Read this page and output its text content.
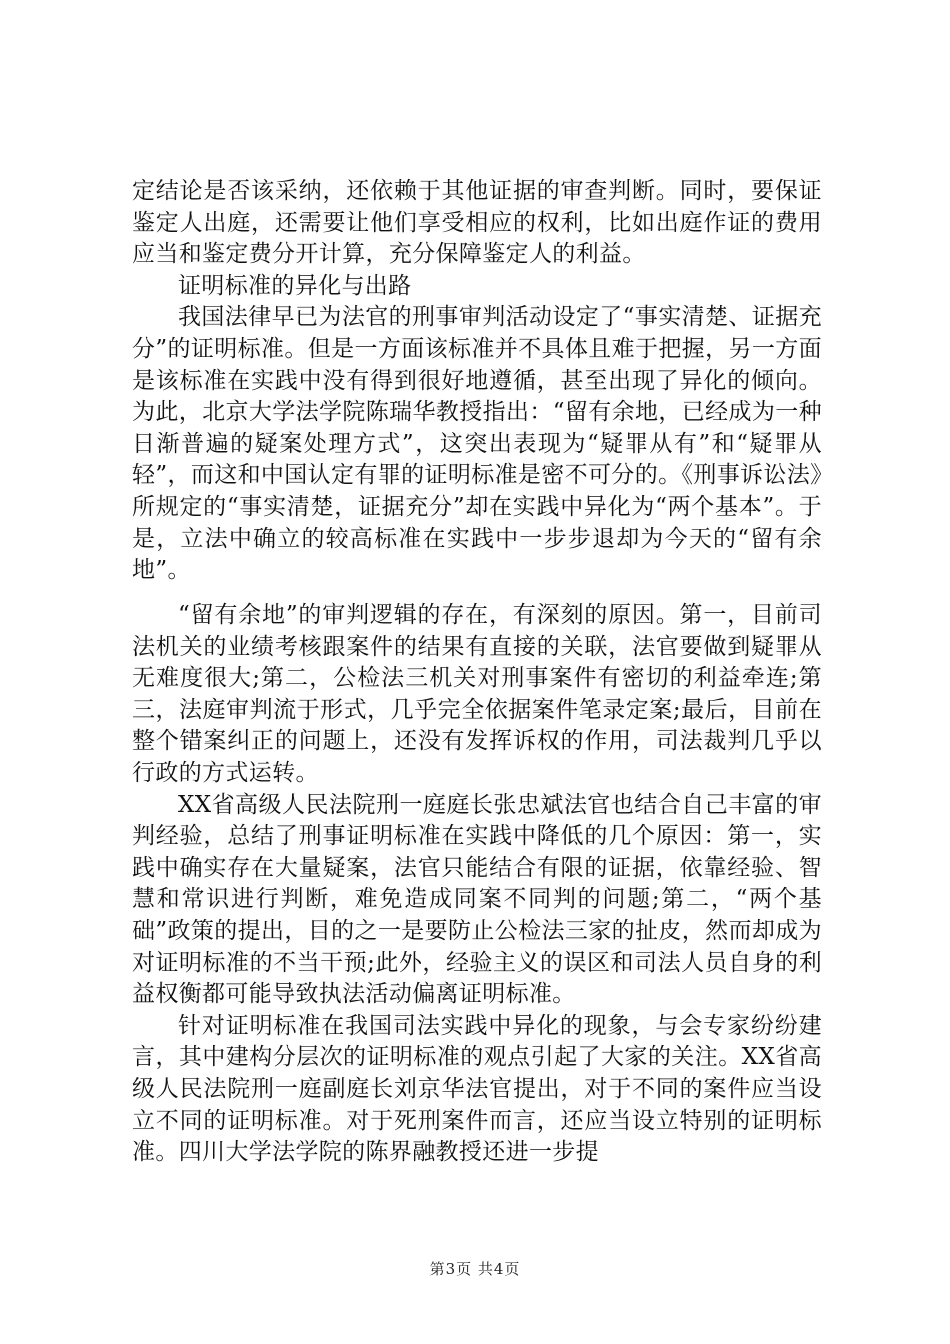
定结论是否该采纳，还依赖于其他证据的审查判断。同时，要保证鉴定人出庭，还需要让他们享受相应的权利，比如出庭作证的费用应当和鉴定费分开计算，充分保障鉴定人的利益。

证明标准的异化与出路

我国法律早已为法官的刑事审判活动设定了“事实清楚、证据充分”的证明标准。但是一方面该标准并不具体且难于把握，另一方面是该标准在实践中没有得到很好地遵循，甚至出现了异化的倾向。为此，北京大学法学院陈瑞华教授指出：“留有余地，已经成为一种日渐普遍的疑案处理方式”，这突出表现为“疑罪从有”和“疑罪从轻”，而这和中国认定有罪的证明标准是密不可分的。《刑事诉讼法》所规定的“事实清楚，证据充分”却在实践中异化为“两个基本”。于是，立法中确立的较高标准在实践中一步步退却为今天的“留有余地”。

“留有余地”的审判逻辑的存在，有深刻的原因。第一，目前司法机关的业绩考核跟案件的结果有直接的关联，法官要做到疑罪从无难度很大;第二，公检法三机关对刑事案件有密切的利益牵连;第三，法庭审判流于形式，几乎完全依据案件笔录定案;最后，目前在整个错案纠正的问题上，还没有发挥诉权的作用，司法裁判几乎以行政的方式运转。

XX省高级人民法院刑一庭庭长张忠斌法官也结合自己丰富的审判经验，总结了刑事证明标准在实践中降低的几个原因：第一，实践中确实存在大量疑案，法官只能结合有限的证据，依靠经验、智慧和常识进行判断，难免造成同案不同判的问题;第二，“两个基础”政策的提出，目的之一是要防止公检法三家的扯皮，然而却成为对证明标准的不当干预;此外，经验主义的误区和司法人员自身的利益权衡都可能导致执法活动偏离证明标准。

针对证明标准在我国司法实践中异化的现象，与会专家纷纷建言，其中建构分层次的证明标准的观点引起了大家的关注。XX省高级人民法院刑一庭副庭长刘京华法官提出，对于不同的案件应当设立不同的证明标准。对于死刑案件而言，还应当设立特别的证明标准。四川大学法学院的陈界融教授还进一步提

第3页 共4页
